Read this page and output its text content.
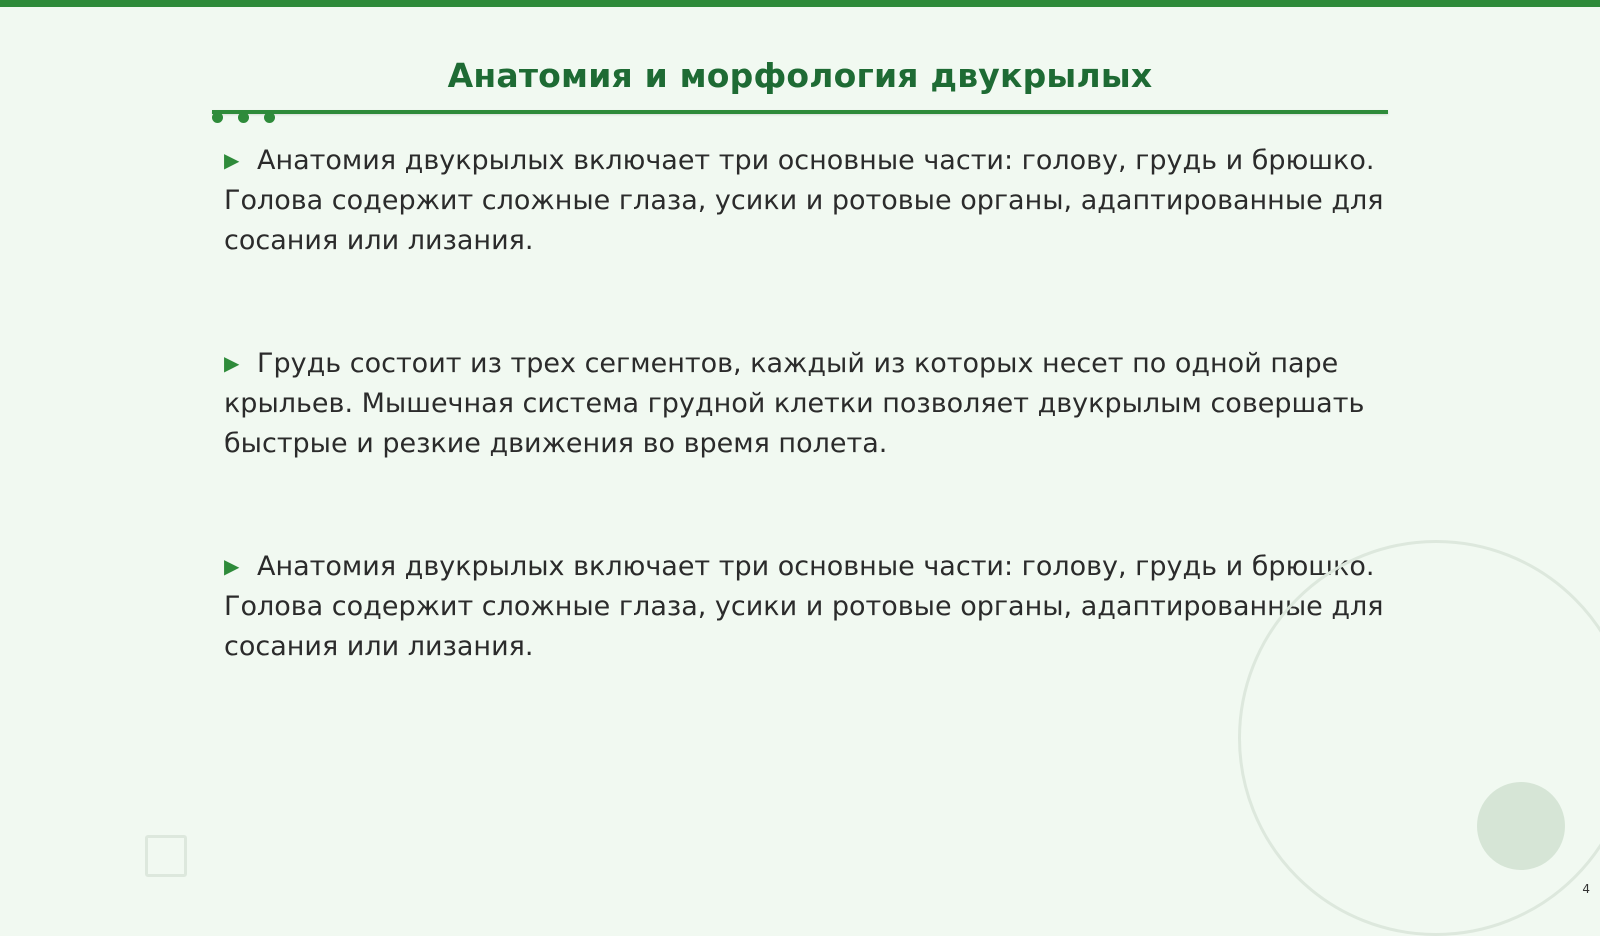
Анатомия и морфология двукрылых

▶ Анатомия двукрылых включает три основные части: голову, грудь и брюшко. Голова содержит сложные глаза, усики и ротовые органы, адаптированные для сосания или лизания.

▶ Грудь состоит из трех сегментов, каждый из которых несет по одной паре крыльев. Мышечная система грудной клетки позволяет двукрылым совершать быстрые и резкие движения во время полета.

▶ Анатомия двукрылых включает три основные части: голову, грудь и брюшко. Голова содержит сложные глаза, усики и ротовые органы, адаптированные для сосания или лизания.

4
